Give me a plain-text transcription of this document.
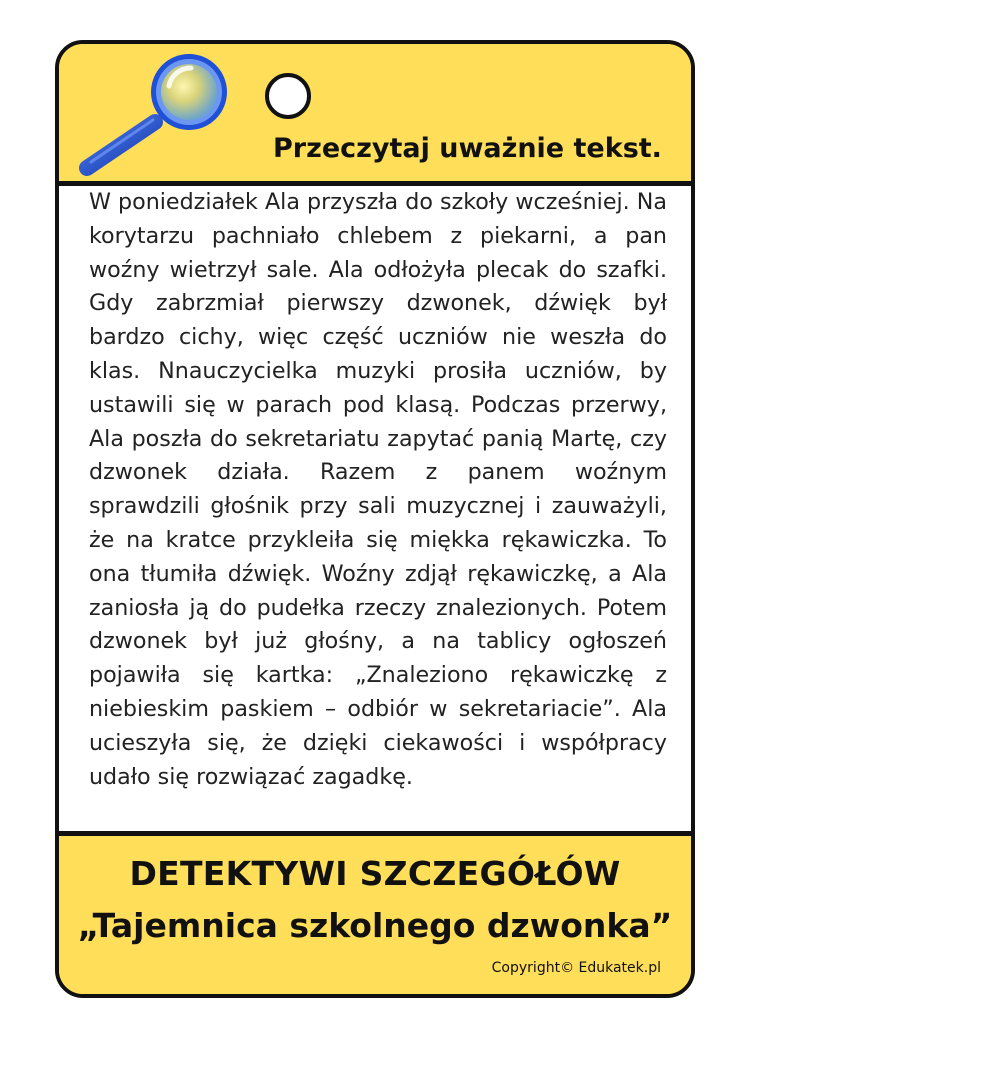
Przeczytaj uważnie tekst.

W poniedziałek Ala przyszła do szkoły wcześniej. Na korytarzu pachniało chlebem z piekarni, a pan woźny wietrzył sale. Ala odłożyła plecak do szafki. Gdy zabrzmiał pierwszy dzwonek, dźwięk był bardzo cichy, więc część uczniów nie weszła do klas. Nnauczycielka muzyki prosiła uczniów, by ustawili się w parach pod klasą. Podczas przerwy, Ala poszła do sekretariatu zapytać panią Martę, czy dzwonek działa. Razem z panem woźnym sprawdzili głośnik przy sali muzycznej i zauważyli, że na kratce przykleiła się miękka rękawiczka. To ona tłumiła dźwięk. Woźny zdjął rękawiczkę, a Ala zaniosła ją do pudełka rzeczy znalezionych. Potem dzwonek był już głośny, a na tablicy ogłoszeń pojawiła się kartka: „Znaleziono rękawiczkę z niebieskim paskiem – odbiór w sekretariacie”. Ala ucieszyła się, że dzięki ciekawości i współpracy udało się rozwiązać zagadkę.

DETEKTYWI SZCZEGÓŁÓW
„Tajemnica szkolnego dzwonka”
Copyright© Edukatek.pl
